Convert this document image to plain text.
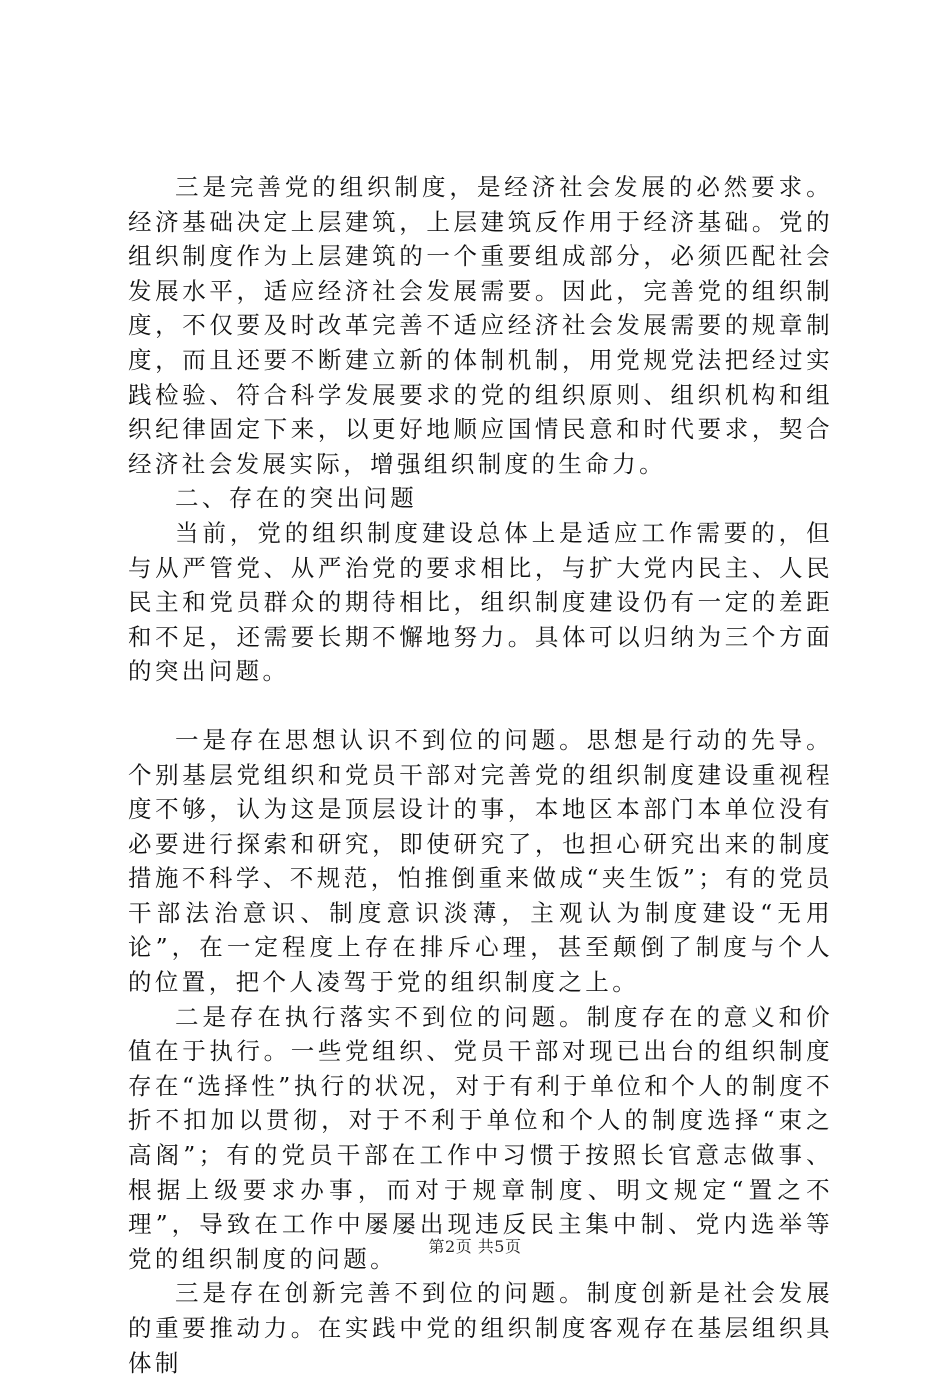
三是完善党的组织制度，是经济社会发展的必然要求。经济基础决定上层建筑，上层建筑反作用于经济基础。党的组织制度作为上层建筑的一个重要组成部分，必须匹配社会发展水平，适应经济社会发展需要。因此，完善党的组织制度，不仅要及时改革完善不适应经济社会发展需要的规章制度，而且还要不断建立新的体制机制，用党规党法把经过实践检验、符合科学发展要求的党的组织原则、组织机构和组织纪律固定下来，以更好地顺应国情民意和时代要求，契合经济社会发展实际，增强组织制度的生命力。

二、存在的突出问题

当前，党的组织制度建设总体上是适应工作需要的，但与从严管党、从严治党的要求相比，与扩大党内民主、人民民主和党员群众的期待相比，组织制度建设仍有一定的差距和不足，还需要长期不懈地努力。具体可以归纳为三个方面的突出问题。

一是存在思想认识不到位的问题。思想是行动的先导。个别基层党组织和党员干部对完善党的组织制度建设重视程度不够，认为这是顶层设计的事，本地区本部门本单位没有必要进行探索和研究，即使研究了，也担心研究出来的制度措施不科学、不规范，怕推倒重来做成“夹生饭”；有的党员干部法治意识、制度意识淡薄，主观认为制度建设“无用论”，在一定程度上存在排斥心理，甚至颠倒了制度与个人的位置，把个人凌驾于党的组织制度之上。

二是存在执行落实不到位的问题。制度存在的意义和价值在于执行。一些党组织、党员干部对现已出台的组织制度存在“选择性”执行的状况，对于有利于单位和个人的制度不折不扣加以贯彻，对于不利于单位和个人的制度选择“束之高阁”；有的党员干部在工作中习惯于按照长官意志做事、根据上级要求办事，而对于规章制度、明文规定“置之不理”，导致在工作中屡屡出现违反民主集中制、党内选举等党的组织制度的问题。

三是存在创新完善不到位的问题。制度创新是社会发展的重要推动力。在实践中党的组织制度客观存在基层组织具体制

第2页 共5页
